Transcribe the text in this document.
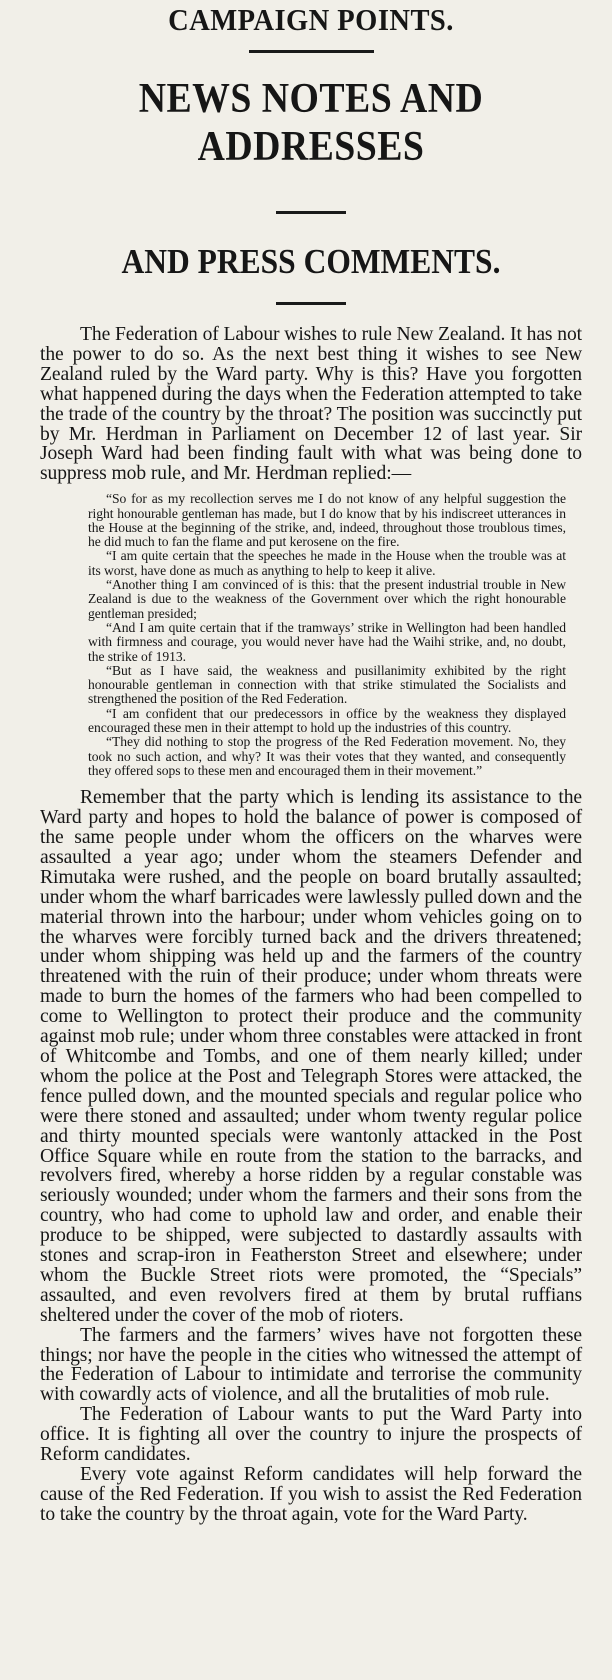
CAMPAIGN POINTS.
NEWS NOTES AND ADDRESSES
AND PRESS COMMENTS.

The Federation of Labour wishes to rule New Zealand. It has not the power to do so. As the next best thing it wishes to see New Zealand ruled by the Ward party. Why is this? Have you forgotten what happened during the days when the Federation attempted to take the trade of the country by the throat? The position was succinctly put by Mr. Herdman in Parliament on December 12 of last year. Sir Joseph Ward had been finding fault with what was being done to suppress mob rule, and Mr. Herdman replied:—

“So for as my recollection serves me I do not know of any helpful suggestion the right honourable gentleman has made, but I do know that by his indiscreet utterances in the House at the beginning of the strike, and, indeed, throughout those troublous times, he did much to fan the flame and put kerosene on the fire.

“I am quite certain that the speeches he made in the House when the trouble was at its worst, have done as much as anything to help to keep it alive.

“Another thing I am convinced of is this: that the present industrial trouble in New Zealand is due to the weakness of the Government over which the right honourable gentleman presided;

“And I am quite certain that if the tramways’ strike in Wellington had been handled with firmness and courage, you would never have had the Waihi strike, and, no doubt, the strike of 1913.

“But as I have said, the weakness and pusillanimity exhibited by the right honourable gentleman in connection with that strike stimulated the Socialists and strengthened the position of the Red Federation.

“I am confident that our predecessors in office by the weakness they displayed encouraged these men in their attempt to hold up the industries of this country.

“They did nothing to stop the progress of the Red Federation movement. No, they took no such action, and why? It was their votes that they wanted, and consequently they offered sops to these men and encouraged them in their movement.”

Remember that the party which is lending its assistance to the Ward party and hopes to hold the balance of power is composed of the same people under whom the officers on the wharves were assaulted a year ago; under whom the steamers Defender and Rimutaka were rushed, and the people on board brutally assaulted; under whom the wharf barricades were lawlessly pulled down and the material thrown into the harbour; under whom vehicles going on to the wharves were forcibly turned back and the drivers threatened; under whom shipping was held up and the farmers of the country threatened with the ruin of their produce; under whom threats were made to burn the homes of the farmers who had been compelled to come to Wellington to protect their produce and the community against mob rule; under whom three constables were attacked in front of Whitcombe and Tombs, and one of them nearly killed; under whom the police at the Post and Telegraph Stores were attacked, the fence pulled down, and the mounted specials and regular police who were there stoned and assaulted; under whom twenty regular police and thirty mounted specials were wantonly attacked in the Post Office Square while en route from the station to the barracks, and revolvers fired, whereby a horse ridden by a regular constable was seriously wounded; under whom the farmers and their sons from the country, who had come to uphold law and order, and enable their produce to be shipped, were subjected to dastardly assaults with stones and scrap-iron in Featherston Street and elsewhere; under whom the Buckle Street riots were promoted, the “Specials” assaulted, and even revolvers fired at them by brutal ruffians sheltered under the cover of the mob of rioters.

The farmers and the farmers’ wives have not forgotten these things; nor have the people in the cities who witnessed the attempt of the Federation of Labour to intimidate and terrorise the community with cowardly acts of violence, and all the brutalities of mob rule.

The Federation of Labour wants to put the Ward Party into office. It is fighting all over the country to injure the prospects of Reform candidates.

Every vote against Reform candidates will help forward the cause of the Red Federation. If you wish to assist the Red Federation to take the country by the throat again, vote for the Ward Party.
